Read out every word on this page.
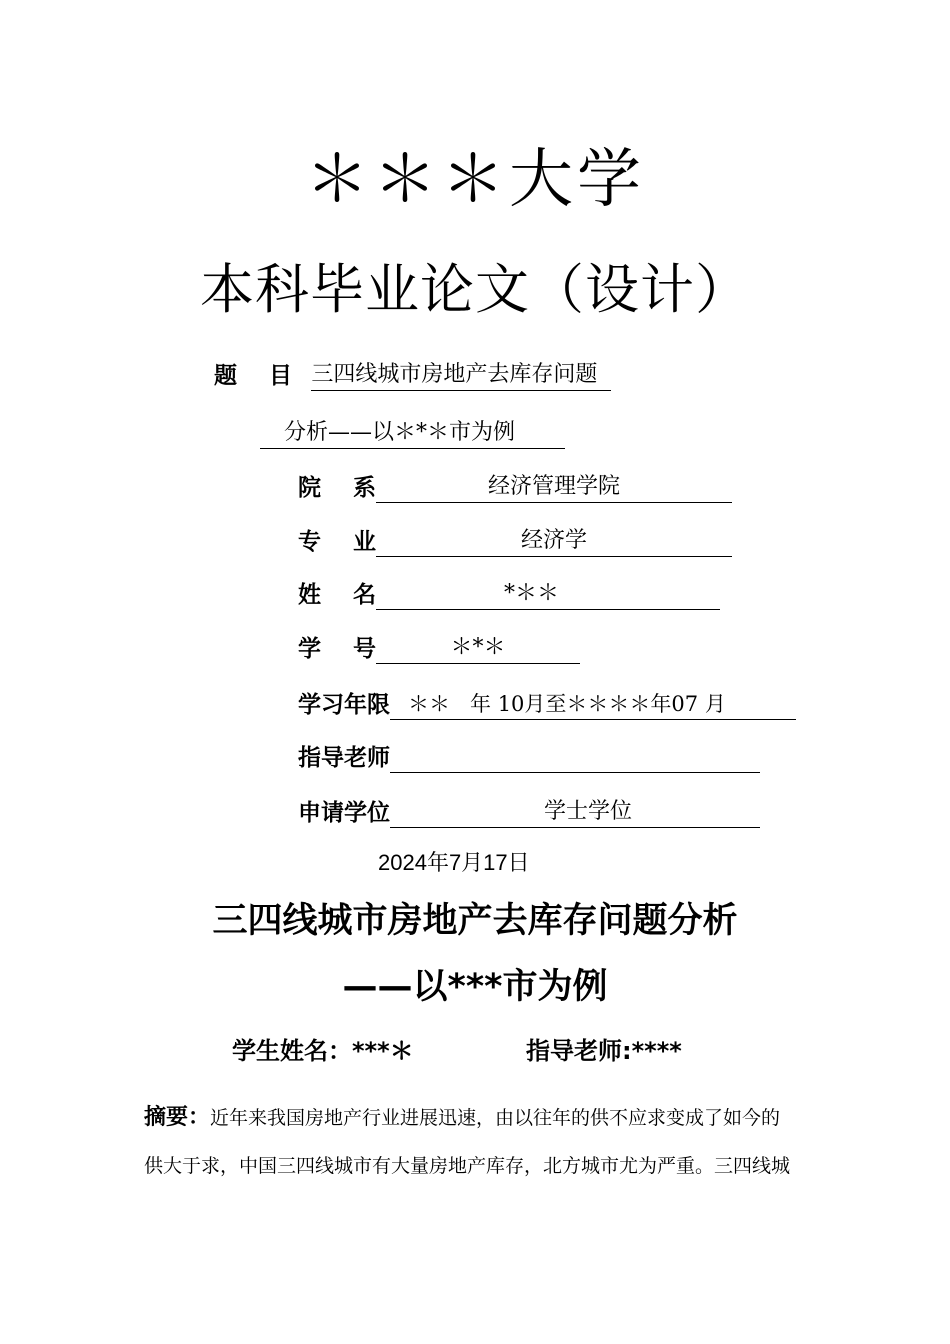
＊＊＊大学
本科毕业论文（设计）
题    目 三四线城市房地产去库存问题
分析——以＊*＊市为例
院    系	经济管理学院
专    业	经济学
姓    名	*＊＊
学    号	＊*＊
学习年限 ＊＊   年 10月至＊＊＊＊年07 月
指导老师
申请学位	学士学位
2024年7月17日
三四线城市房地产去库存问题分析
——以***市为例
学生姓名：***＊	指导老师:****
摘要：近年来我国房地产行业进展迅速，由以往年的供不应求变成了如今的
供大于求，中国三四线城市有大量房地产库存，北方城市尤为严重。三四线城
